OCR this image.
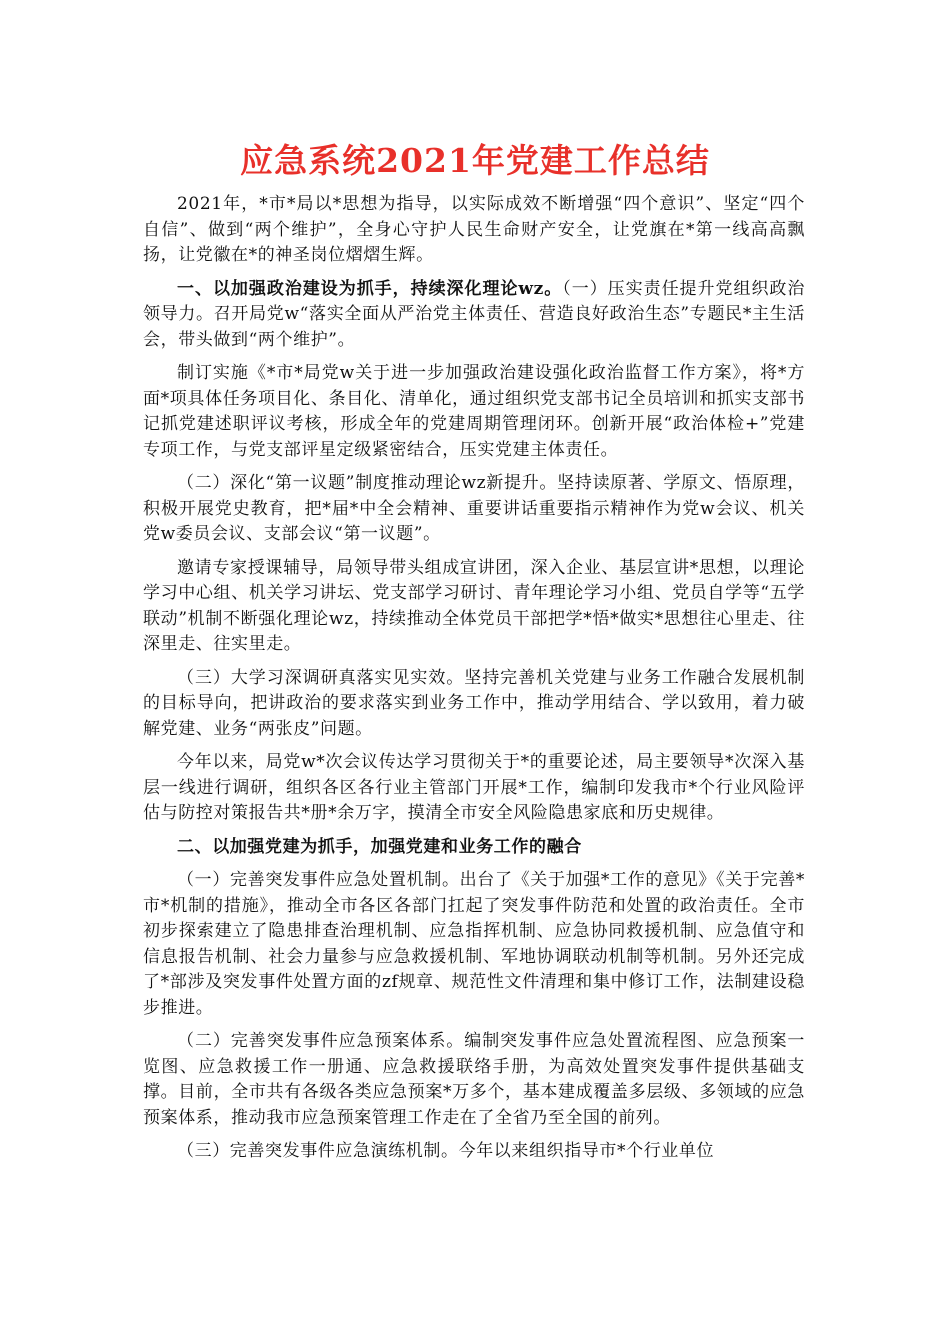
应急系统2021年党建工作总结

2021年，*市*局以*思想为指导，以实际成效不断增强“四个意识”、坚定“四个自信”、做到“两个维护”，全身心守护人民生命财产安全，让党旗在*第一线高高飘扬，让党徽在*的神圣岗位熠熠生辉。

一、以加强政治建设为抓手，持续深化理论wz。（一）压实责任提升党组织政治领导力。召开局党w“落实全面从严治党主体责任、营造良好政治生态”专题民*主生活会，带头做到“两个维护”。

制订实施《*市*局党w关于进一步加强政治建设强化政治监督工作方案》，将*方面*项具体任务项目化、条目化、清单化，通过组织党支部书记全员培训和抓实支部书记抓党建述职评议考核，形成全年的党建周期管理闭环。创新开展“政治体检+”党建专项工作，与党支部评星定级紧密结合，压实党建主体责任。

（二）深化“第一议题”制度推动理论wz新提升。坚持读原著、学原文、悟原理，积极开展党史教育，把*届*中全会精神、重要讲话重要指示精神作为党w会议、机关党w委员会议、支部会议“第一议题”。

邀请专家授课辅导，局领导带头组成宣讲团，深入企业、基层宣讲*思想，以理论学习中心组、机关学习讲坛、党支部学习研讨、青年理论学习小组、党员自学等“五学联动”机制不断强化理论wz，持续推动全体党员干部把学*悟*做实*思想往心里走、往深里走、往实里走。

（三）大学习深调研真落实见实效。坚持完善机关党建与业务工作融合发展机制的目标导向，把讲政治的要求落实到业务工作中，推动学用结合、学以致用，着力破解党建、业务“两张皮”问题。

今年以来，局党w*次会议传达学习贯彻关于*的重要论述，局主要领导*次深入基层一线进行调研，组织各区各行业主管部门开展*工作，编制印发我市*个行业风险评估与防控对策报告共*册*余万字，摸清全市安全风险隐患家底和历史规律。

二、以加强党建为抓手，加强党建和业务工作的融合

（一）完善突发事件应急处置机制。出台了《关于加强*工作的意见》《关于完善*市*机制的措施》，推动全市各区各部门扛起了突发事件防范和处置的政治责任。全市初步探索建立了隐患排查治理机制、应急指挥机制、应急协同救援机制、应急值守和信息报告机制、社会力量参与应急救援机制、军地协调联动机制等机制。另外还完成了*部涉及突发事件处置方面的zf规章、规范性文件清理和集中修订工作，法制建设稳步推进。

（二）完善突发事件应急预案体系。编制突发事件应急处置流程图、应急预案一览图、应急救援工作一册通、应急救援联络手册，为高效处置突发事件提供基础支撑。目前，全市共有各级各类应急预案*万多个，基本建成覆盖多层级、多领域的应急预案体系，推动我市应急预案管理工作走在了全省乃至全国的前列。

（三）完善突发事件应急演练机制。今年以来组织指导市*个行业单位
